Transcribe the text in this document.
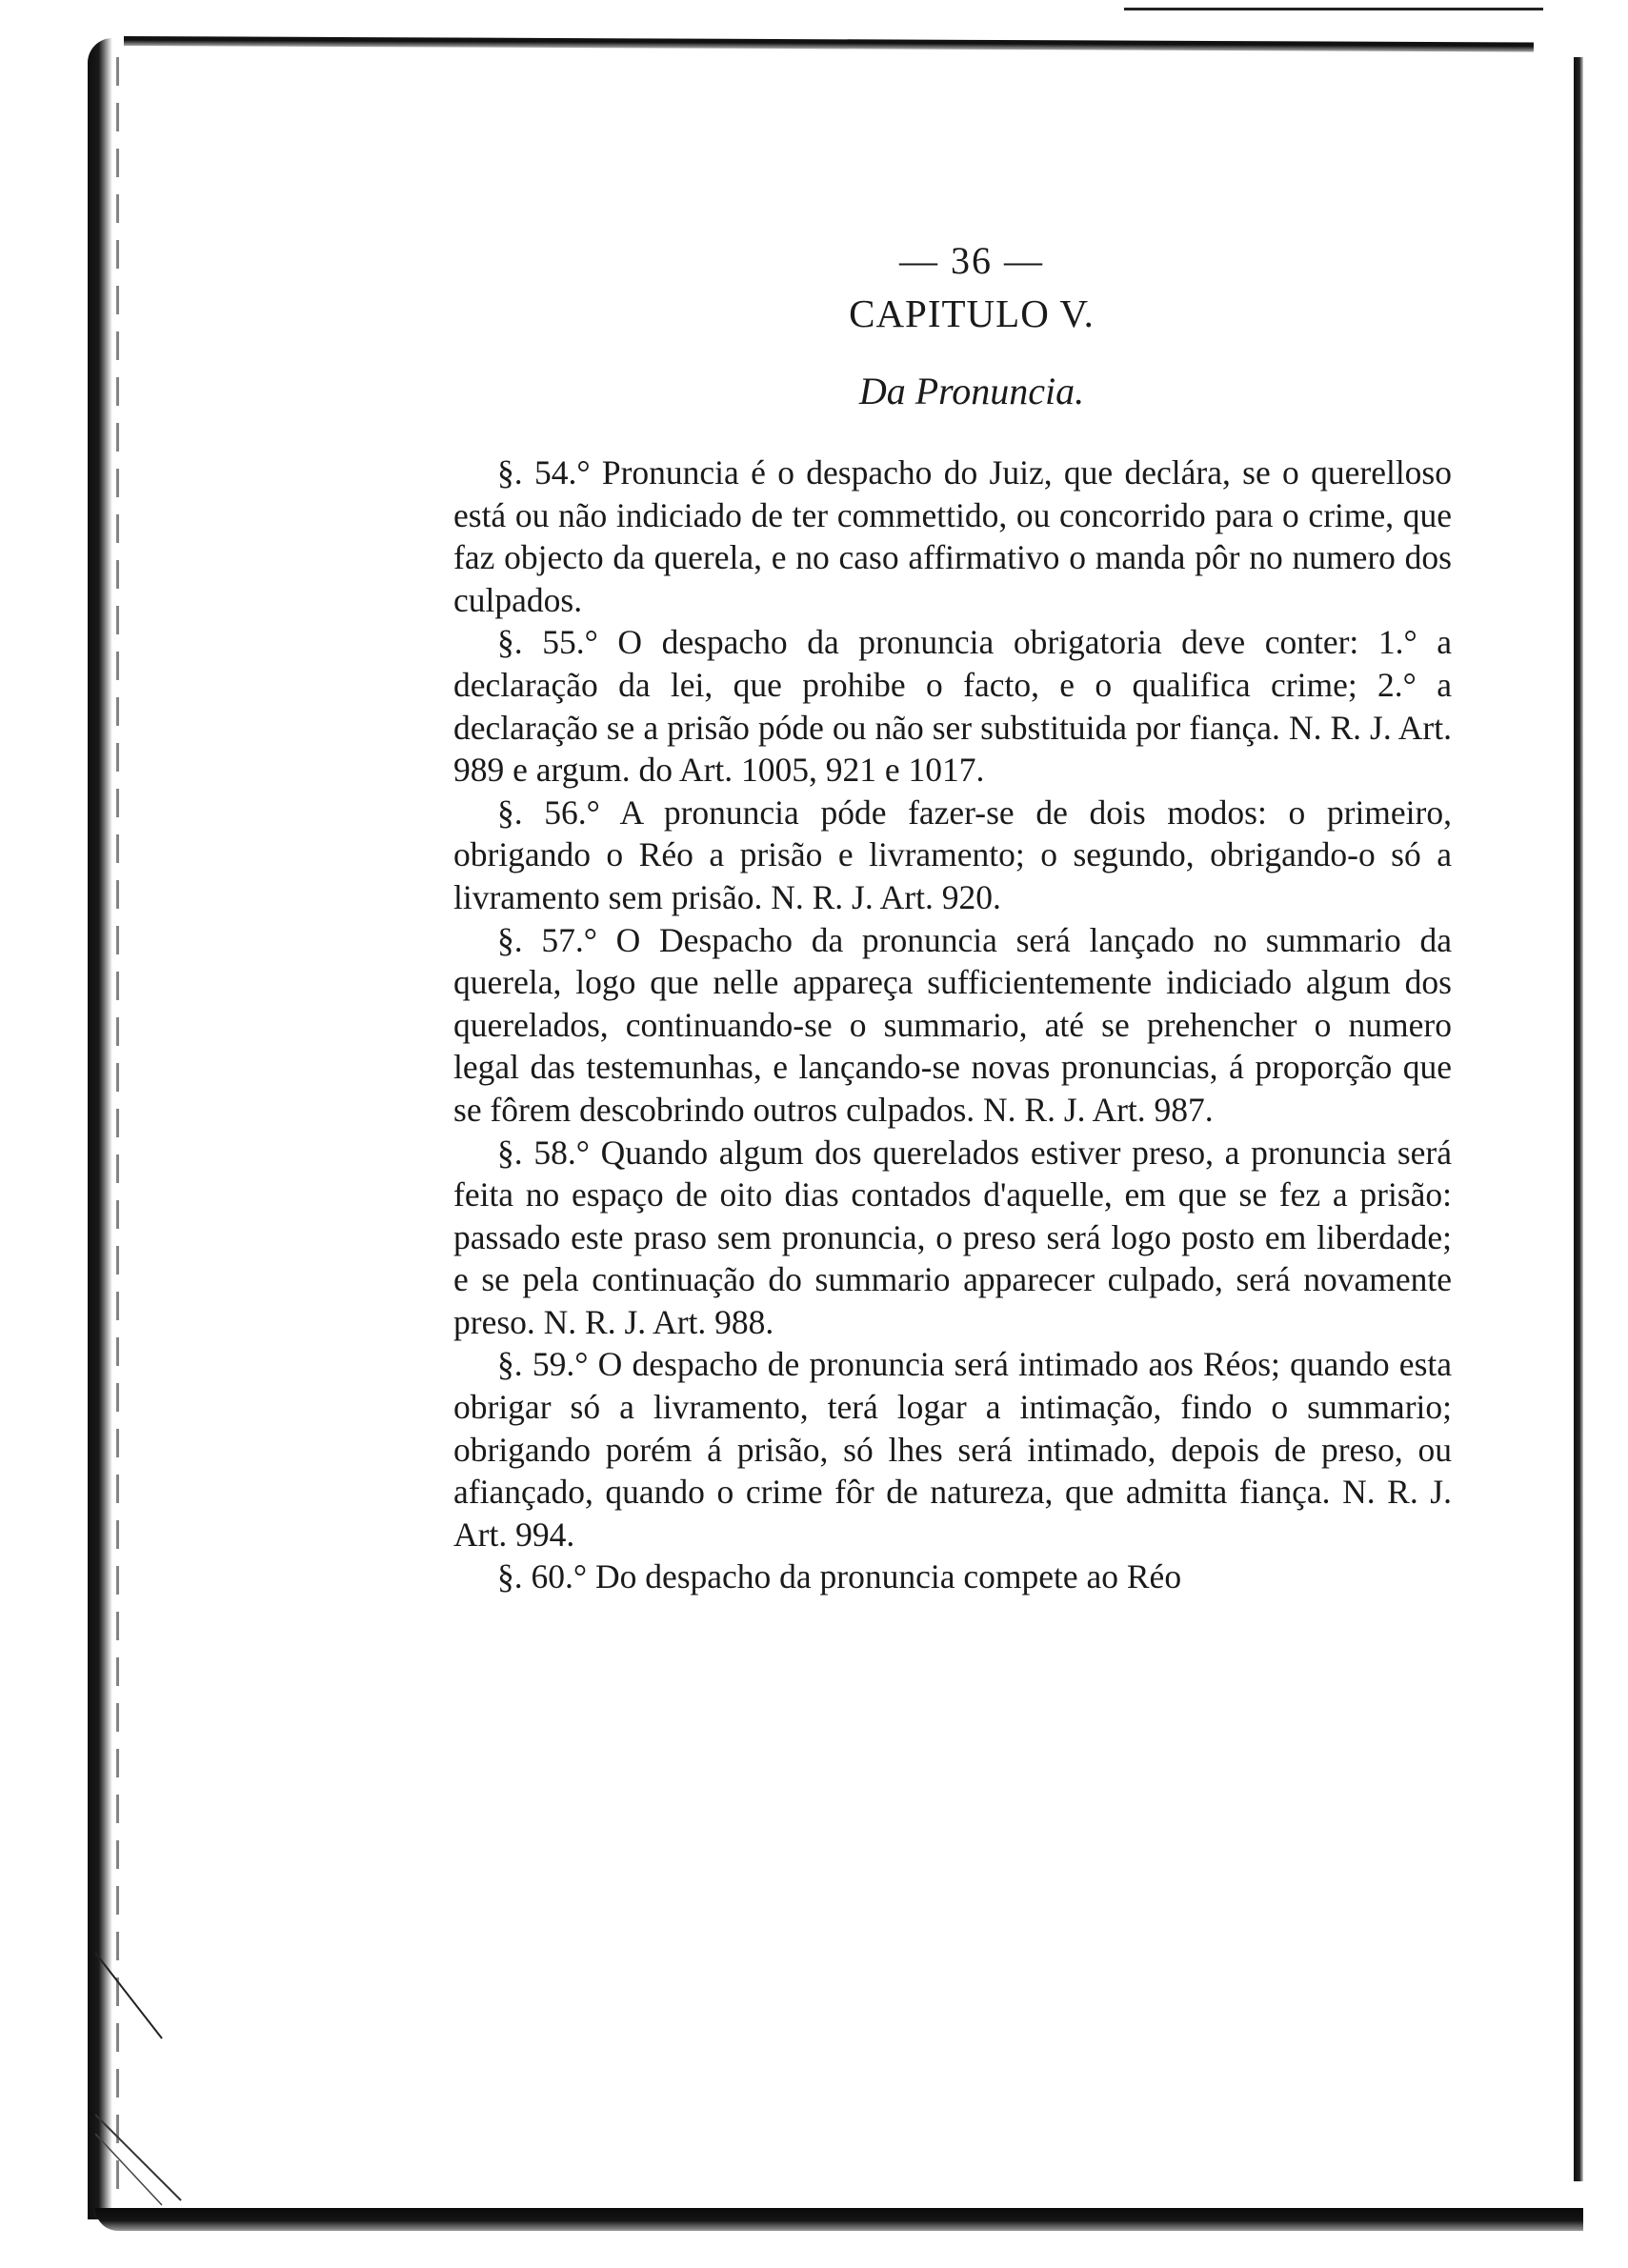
— 36 —
CAPITULO V.
Da Pronuncia.

§. 54.° Pronuncia é o despacho do Juiz, que declára, se o querelloso está ou não indiciado de ter commettido, ou concorrido para o crime, que faz objecto da querela, e no caso affirmativo o manda pôr no numero dos culpados.

§. 55.° O despacho da pronuncia obrigatoria deve conter: 1.° a declaração da lei, que prohibe o facto, e o qualifica crime; 2.° a declaração se a prisão póde ou não ser substituida por fiança. N. R. J. Art. 989 e argum. do Art. 1005, 921 e 1017.

§. 56.° A pronuncia póde fazer-se de dois modos: o primeiro, obrigando o Réo a prisão e livramento; o segundo, obrigando-o só a livramento sem prisão. N. R. J. Art. 920.

§. 57.° O Despacho da pronuncia será lançado no summario da querela, logo que nelle appareça sufficientemente indiciado algum dos querelados, continuando-se o summario, até se prehencher o numero legal das testemunhas, e lançando-se novas pronuncias, á proporção que se fôrem descobrindo outros culpados. N. R. J. Art. 987.

§. 58.° Quando algum dos querelados estiver preso, a pronuncia será feita no espaço de oito dias contados d'aquelle, em que se fez a prisão: passado este praso sem pronuncia, o preso será logo posto em liberdade; e se pela continuação do summario apparecer culpado, será novamente preso. N. R. J. Art. 988.

§. 59.° O despacho de pronuncia será intimado aos Réos; quando esta obrigar só a livramento, terá logar a intimação, findo o summario; obrigando porém á prisão, só lhes será intimado, depois de preso, ou afiançado, quando o crime fôr de natureza, que admitta fiança. N. R. J. Art. 994.

§. 60.° Do despacho da pronuncia compete ao Réo
